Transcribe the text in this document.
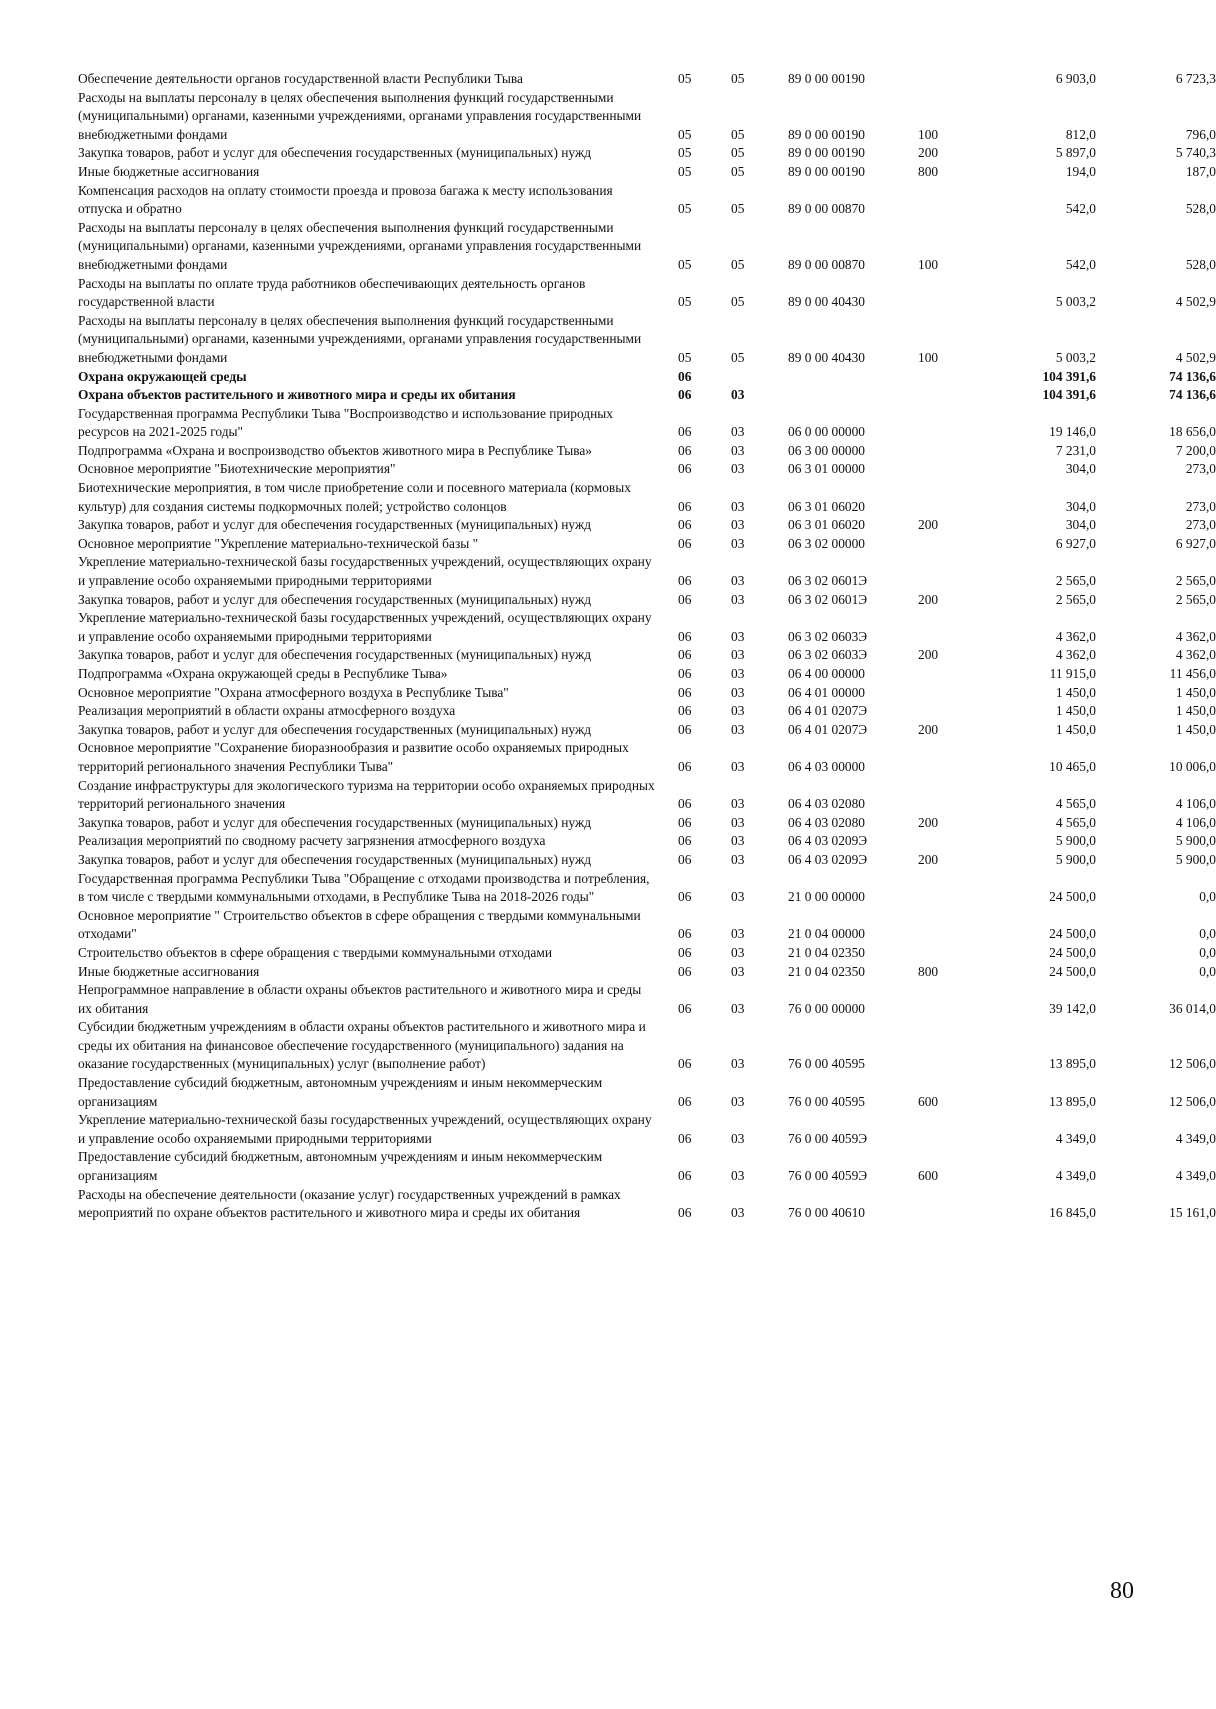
Обеспечение деятельности органов государственной власти Республики Тыва	05	05	89 0 00 00190		6 903,0	6 723,3
Расходы на выплаты персоналу в целях обеспечения выполнения функций государственными (муниципальными) органами, казенными учреждениями, органами управления государственными внебюджетными фондами	05	05	89 0 00 00190	100	812,0	796,0
Закупка товаров, работ и услуг для обеспечения государственных (муниципальных) нужд	05	05	89 0 00 00190	200	5 897,0	5 740,3
Иные бюджетные ассигнования	05	05	89 0 00 00190	800	194,0	187,0
Компенсация расходов на оплату стоимости проезда и провоза багажа к месту использования отпуска и обратно	05	05	89 0 00 00870		542,0	528,0
Расходы на выплаты персоналу в целях обеспечения выполнения функций государственными (муниципальными) органами, казенными учреждениями, органами управления государственными внебюджетными фондами	05	05	89 0 00 00870	100	542,0	528,0
Расходы на выплаты по оплате труда работников обеспечивающих деятельность органов государственной власти	05	05	89 0 00 40430		5 003,2	4 502,9
Расходы на выплаты персоналу в целях обеспечения выполнения функций государственными (муниципальными) органами, казенными учреждениями, органами управления государственными внебюджетными фондами	05	05	89 0 00 40430	100	5 003,2	4 502,9
Охрана окружающей среды	06				104 391,6	74 136,6
Охрана объектов растительного и животного мира и среды их обитания	06	03			104 391,6	74 136,6
Государственная программа Республики Тыва "Воспроизводство и использование природных ресурсов на 2021-2025 годы"	06	03	06 0 00 00000		19 146,0	18 656,0
Подпрограмма «Охрана и воспроизводство объектов животного мира в Республике Тыва»	06	03	06 3 00 00000		7 231,0	7 200,0
Основное мероприятие "Биотехнические мероприятия"	06	03	06 3 01 00000		304,0	273,0
Биотехнические мероприятия, в том числе приобретение соли и посевного материала (кормовых культур) для создания системы подкормочных полей; устройство солонцов	06	03	06 3 01 06020		304,0	273,0
Закупка товаров, работ и услуг для обеспечения государственных (муниципальных) нужд	06	03	06 3 01 06020	200	304,0	273,0
Основное мероприятие "Укрепление материально-технической базы "	06	03	06 3 02 00000		6 927,0	6 927,0
Укрепление материально-технической базы государственных учреждений, осуществляющих охрану и управление особо охраняемыми природными территориями	06	03	06 3 02 0601Э		2 565,0	2 565,0
Закупка товаров, работ и услуг для обеспечения государственных (муниципальных) нужд	06	03	06 3 02 0601Э	200	2 565,0	2 565,0
Укрепление материально-технической базы государственных учреждений, осуществляющих охрану и управление особо охраняемыми природными территориями	06	03	06 3 02 0603Э		4 362,0	4 362,0
Закупка товаров, работ и услуг для обеспечения государственных (муниципальных) нужд	06	03	06 3 02 0603Э	200	4 362,0	4 362,0
Подпрограмма «Охрана окружающей среды в Республике Тыва»	06	03	06 4 00 00000		11 915,0	11 456,0
Основное мероприятие "Охрана атмосферного воздуха в Республике Тыва"	06	03	06 4 01 00000		1 450,0	1 450,0
Реализация мероприятий в области охраны атмосферного воздуха	06	03	06 4 01 0207Э		1 450,0	1 450,0
Закупка товаров, работ и услуг для обеспечения государственных (муниципальных) нужд	06	03	06 4 01 0207Э	200	1 450,0	1 450,0
Основное мероприятие "Сохранение биоразнообразия и развитие особо охраняемых природных территорий регионального значения Республики Тыва"	06	03	06 4 03 00000		10 465,0	10 006,0
Создание инфраструктуры для экологического туризма на территории особо охраняемых природных территорий регионального значения	06	03	06 4 03 02080		4 565,0	4 106,0
Закупка товаров, работ и услуг для обеспечения государственных (муниципальных) нужд	06	03	06 4 03 02080	200	4 565,0	4 106,0
Реализация мероприятий по сводному расчету загрязнения атмосферного воздуха	06	03	06 4 03 0209Э		5 900,0	5 900,0
Закупка товаров, работ и услуг для обеспечения государственных (муниципальных) нужд	06	03	06 4 03 0209Э	200	5 900,0	5 900,0
Государственная программа Республики Тыва "Обращение с отходами производства и потребления, в том числе с твердыми коммунальными отходами, в Республике Тыва на 2018-2026 годы"	06	03	21 0 00 00000		24 500,0	0,0
Основное мероприятие " Строительство объектов в сфере обращения с твердыми коммунальными отходами"	06	03	21 0 04 00000		24 500,0	0,0
Строительство объектов в сфере обращения с твердыми коммунальными отходами	06	03	21 0 04 02350		24 500,0	0,0
Иные бюджетные ассигнования	06	03	21 0 04 02350	800	24 500,0	0,0
Непрограммное направление в области охраны объектов растительного и животного мира и среды их обитания	06	03	76 0 00 00000		39 142,0	36 014,0
Субсидии бюджетным учреждениям в области охраны объектов растительного и животного мира и среды их обитания на финансовое обеспечение государственного (муниципального) задания на оказание государственных (муниципальных) услуг (выполнение работ)	06	03	76 0 00 40595		13 895,0	12 506,0
Предоставление субсидий бюджетным, автономным учреждениям и иным некоммерческим организациям	06	03	76 0 00 40595	600	13 895,0	12 506,0
Укрепление материально-технической базы государственных учреждений, осуществляющих охрану и управление особо охраняемыми природными территориями	06	03	76 0 00 4059Э		4 349,0	4 349,0
Предоставление субсидий бюджетным, автономным учреждениям и иным некоммерческим организациям	06	03	76 0 00 4059Э	600	4 349,0	4 349,0
Расходы на обеспечение деятельности (оказание услуг) государственных учреждений в рамках мероприятий по охране объектов растительного и животного мира и среды их обитания	06	03	76 0 00 40610		16 845,0	15 161,0
80
